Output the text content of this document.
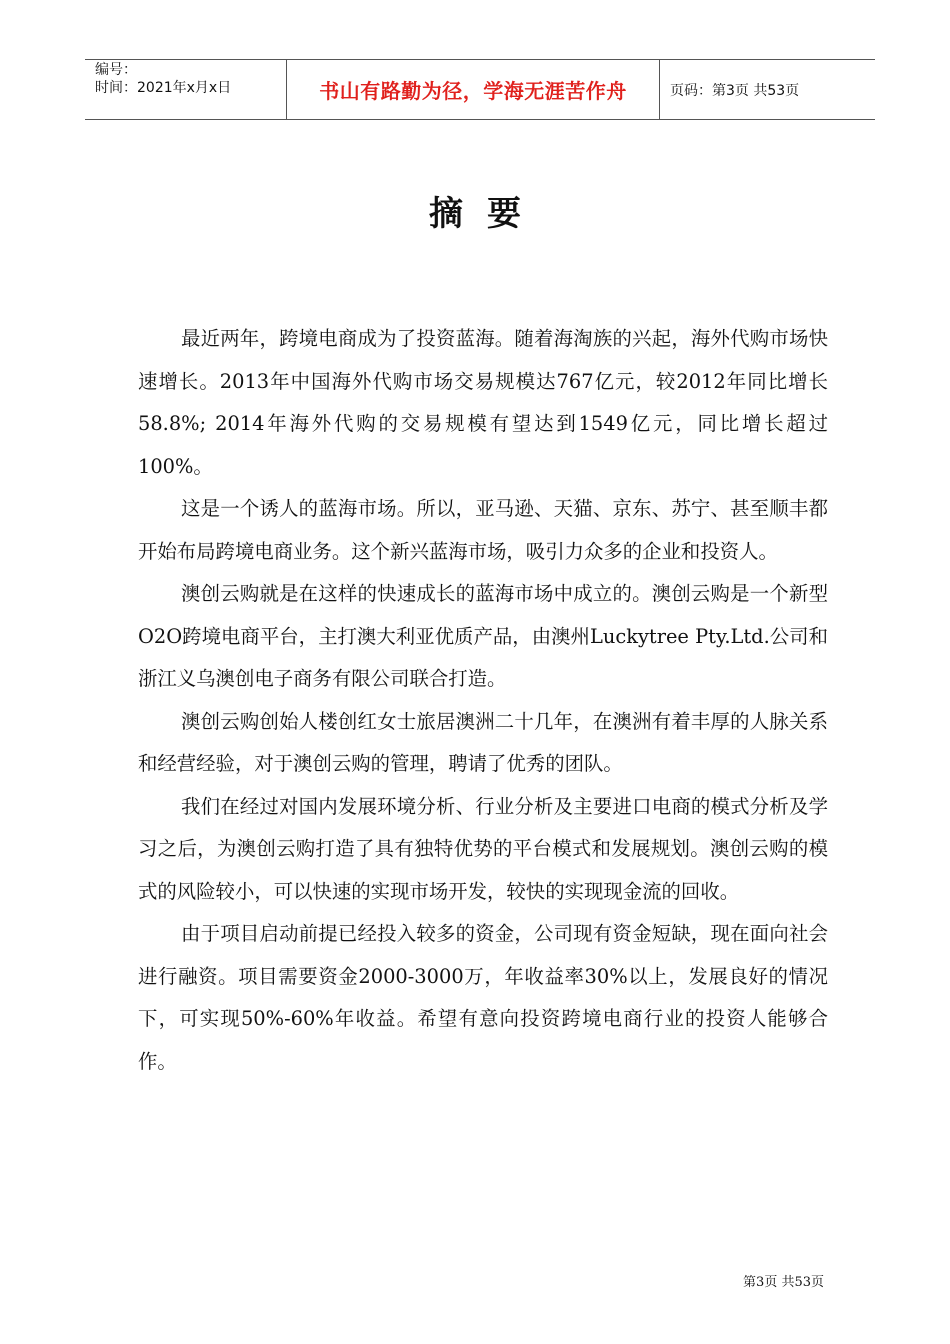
编号：
时间：2021年x月x日	书山有路勤为径，学海无涯苦作舟	页码：第3页 共53页
摘要

最近两年，跨境电商成为了投资蓝海。随着海淘族的兴起，海外代购市场快速增长。2013年中国海外代购市场交易规模达767亿元，较2012年同比增长58.8%; 2014年海外代购的交易规模有望达到1549亿元，同比增长超过100%。

这是一个诱人的蓝海市场。所以，亚马逊、天猫、京东、苏宁、甚至顺丰都开始布局跨境电商业务。这个新兴蓝海市场，吸引力众多的企业和投资人。

澳创云购就是在这样的快速成长的蓝海市场中成立的。澳创云购是一个新型O2O跨境电商平台，主打澳大利亚优质产品，由澳州Luckytree Pty.Ltd.公司和浙江义乌澳创电子商务有限公司联合打造。

澳创云购创始人楼创红女士旅居澳洲二十几年，在澳洲有着丰厚的人脉关系和经营经验，对于澳创云购的管理，聘请了优秀的团队。

我们在经过对国内发展环境分析、行业分析及主要进口电商的模式分析及学习之后，为澳创云购打造了具有独特优势的平台模式和发展规划。澳创云购的模式的风险较小，可以快速的实现市场开发，较快的实现现金流的回收。

由于项目启动前提已经投入较多的资金，公司现有资金短缺，现在面向社会进行融资。项目需要资金2000-3000万，年收益率30%以上，发展良好的情况下，可实现50%-60%年收益。希望有意向投资跨境电商行业的投资人能够合作。

第3页 共53页
